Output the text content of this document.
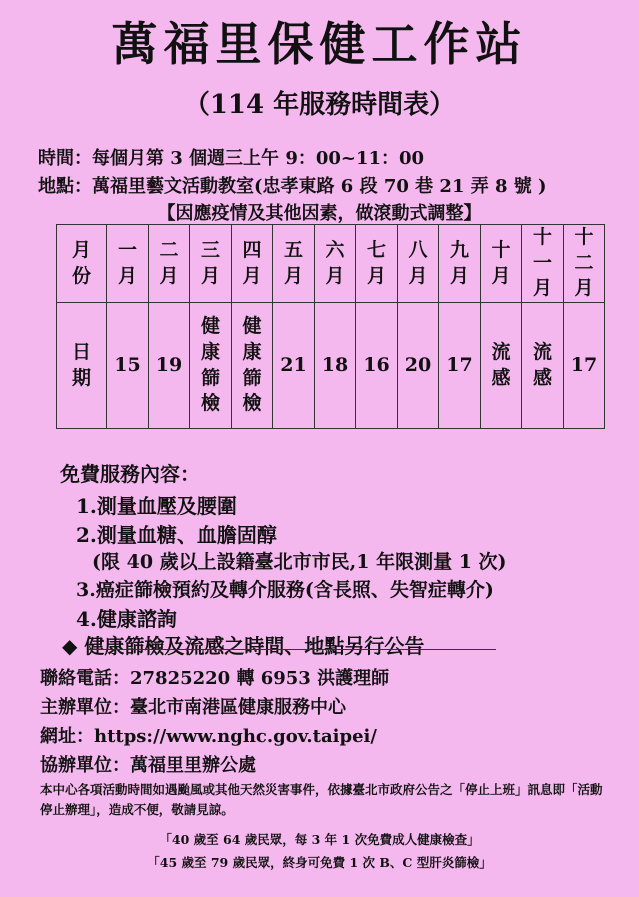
萬福里保健工作站
（114 年服務時間表）
時間：每個月第 3 個週三上午 9：00~11：00
地點：萬福里藝文活動教室(忠孝東路 6 段 70 巷 21 弄 8 號 )
【因應疫情及其他因素，做滾動式調整】
月份	一月	二月	三月	四月	五月	六月	七月	八月	九月	十月	十一月	十二月
日期	15	19	健康篩檢	健康篩檢	21	18	16	20	17	流感	流感	17
免費服務內容：
1.測量血壓及腰圍
2.測量血糖、血膽固醇
(限 40 歲以上設籍臺北市市民,1 年限測量 1 次)
3.癌症篩檢預約及轉介服務(含長照、失智症轉介)
4.健康諮詢
◆ 健康篩檢及流感之時間、地點另行公告
聯絡電話：27825220 轉 6953 洪護理師
主辦單位：臺北市南港區健康服務中心
網址：https://www.nghc.gov.taipei/
協辦單位：萬福里里辦公處
本中心各項活動時間如遇颱風或其他天然災害事件，依據臺北市政府公告之「停止上班」訊息即「活動停止辦理」，造成不便，敬請見諒。
「40 歲至 64 歲民眾，每 3 年 1 次免費成人健康檢查」
「45 歲至 79 歲民眾，終身可免費 1 次 B、C 型肝炎篩檢」
